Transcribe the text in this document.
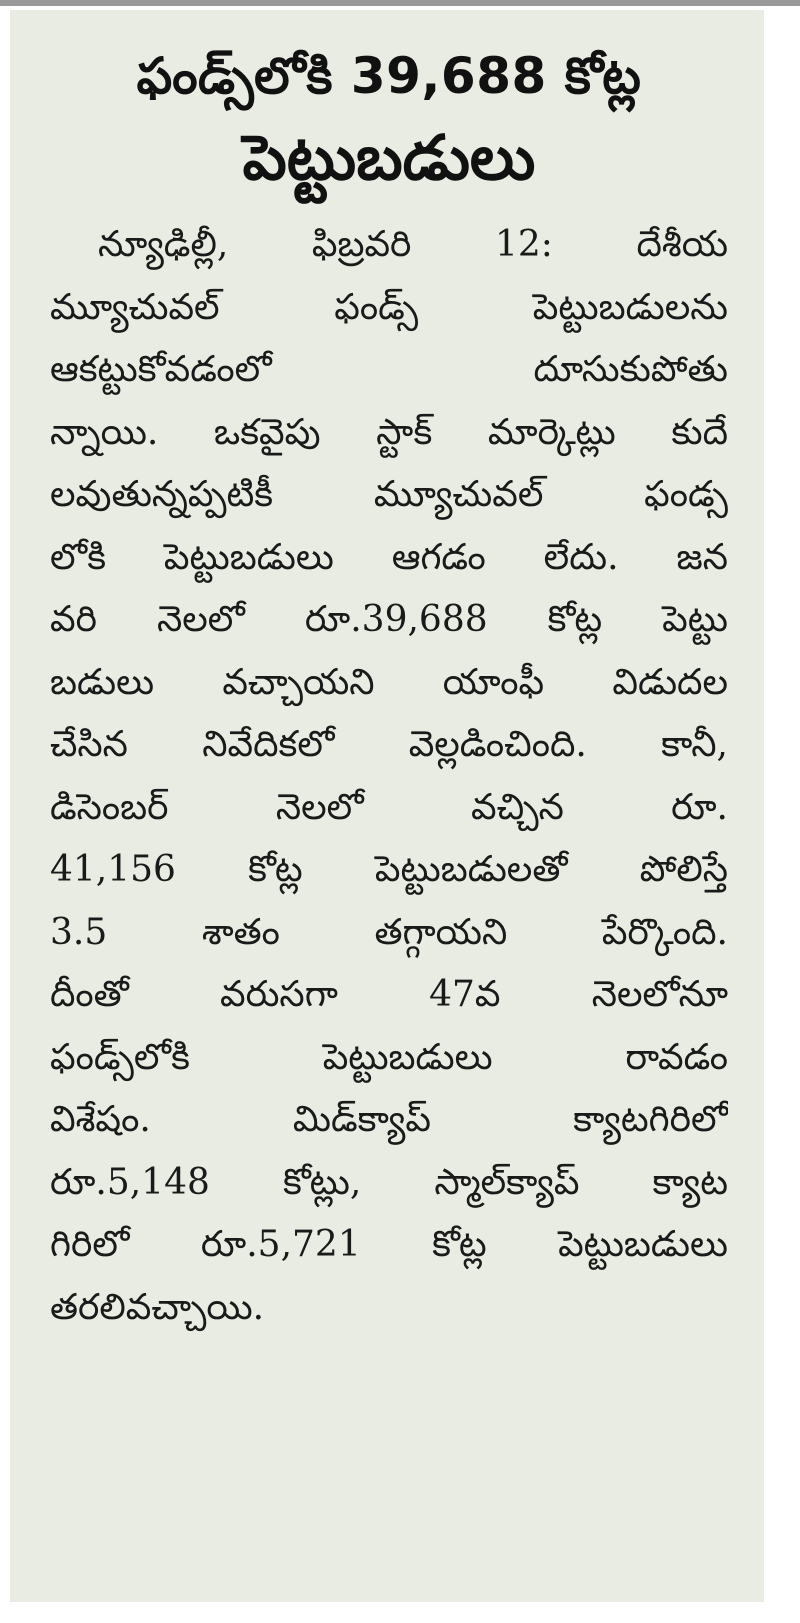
ఫండ్స్‌లోకి 39,688 కోట్ల
పెట్టుబడులు
న్యూఢిల్లీ, ఫిబ్రవరి 12: దేశీయ
మ్యూచువల్ ఫండ్స్ పెట్టుబడులను
ఆకట్టుకోవడంలో దూసుకుపోతు
న్నాయి. ఒకవైపు స్టాక్ మార్కెట్లు కుదే
లవుతున్నప్పటికీ మ్యూచువల్ ఫండ్స
లోకి పెట్టుబడులు ఆగడం లేదు. జన
వరి నెలలో రూ.39,688 కోట్ల పెట్టు
బడులు వచ్చాయని యాంఫీ విడుదల
చేసిన నివేదికలో వెల్లడించింది. కానీ,
డిసెంబర్ నెలలో వచ్చిన రూ.
41,156 కోట్ల పెట్టుబడులతో పోలిస్తే
3.5 శాతం తగ్గాయని పేర్కొంది.
దీంతో వరుసగా 47వ నెలలోనూ
ఫండ్స్‌లోకి పెట్టుబడులు రావడం
విశేషం. మిడ్‌క్యాప్ క్యాటగిరిలో
రూ.5,148 కోట్లు, స్మాల్‌క్యాప్ క్యాట
గిరిలో రూ.5,721 కోట్ల పెట్టుబడులు
తరలివచ్చాయి.
